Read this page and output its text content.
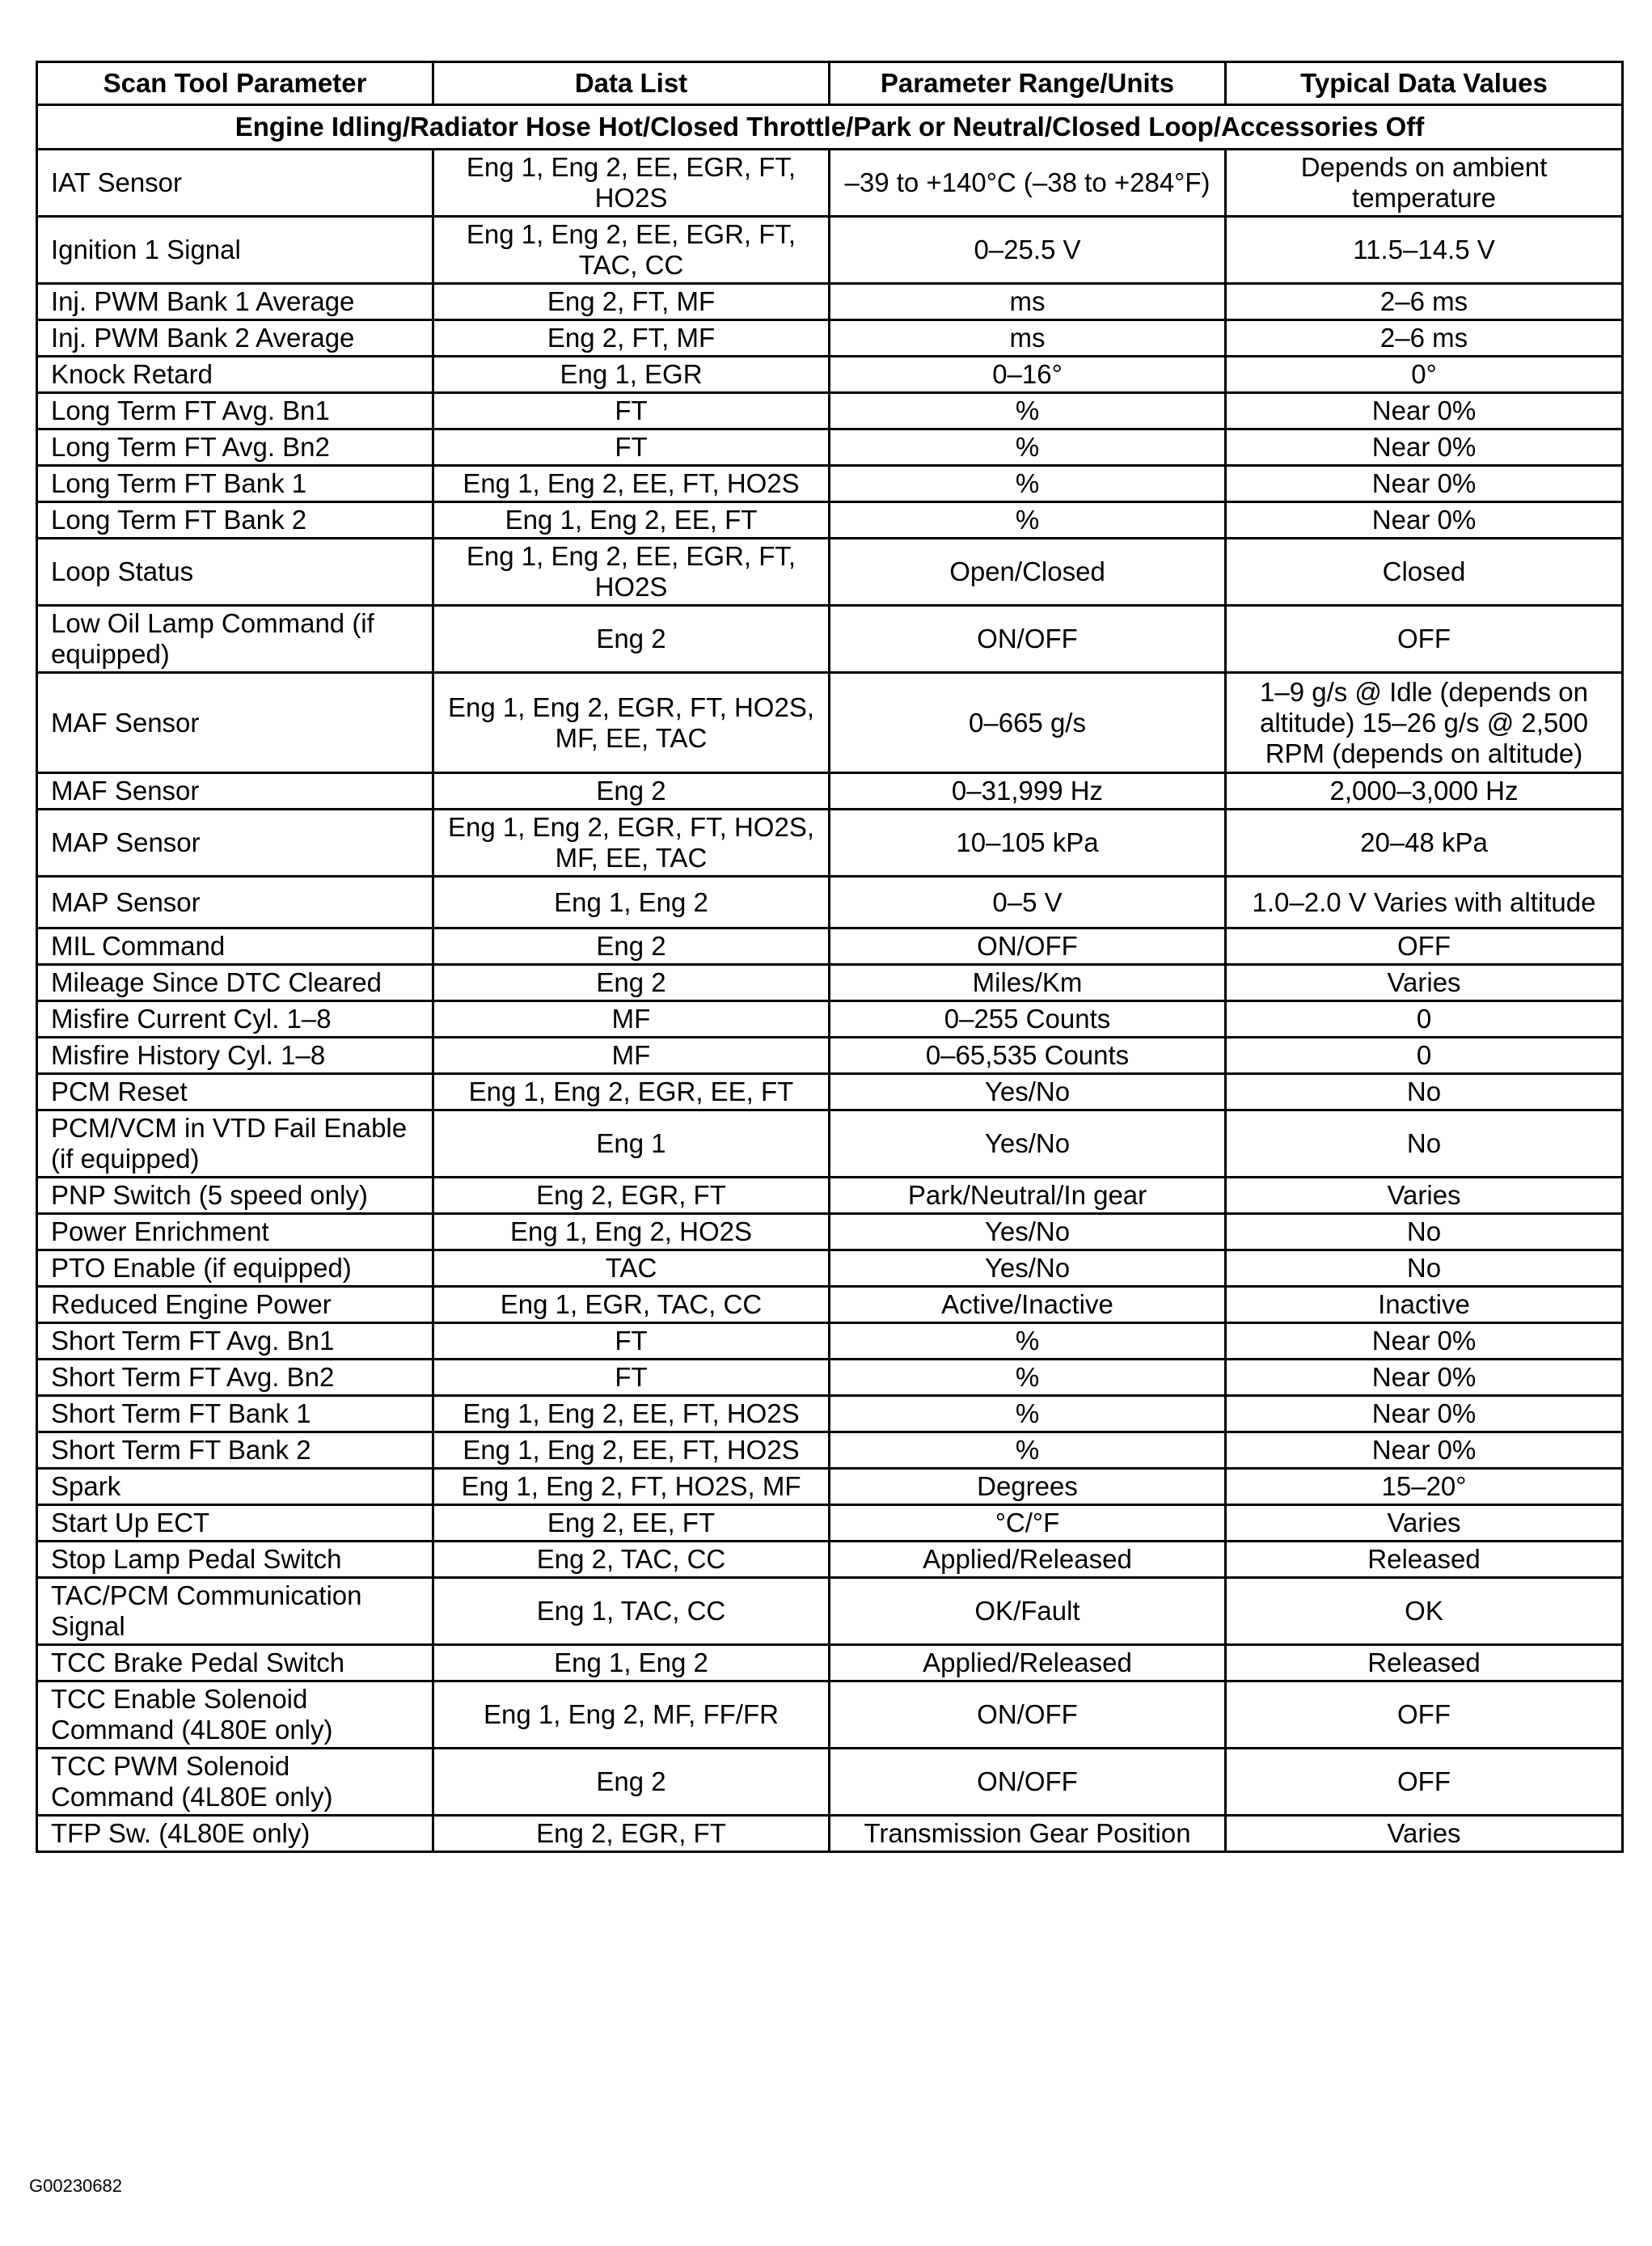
Scan Tool Parameter	Data List	Parameter Range/Units	Typical Data Values
Engine Idling/Radiator Hose Hot/Closed Throttle/Park or Neutral/Closed Loop/Accessories Off			
IAT Sensor	Eng 1, Eng 2, EE, EGR, FT, HO2S	–39 to +140°C (–38 to +284°F)	Depends on ambient temperature
Ignition 1 Signal	Eng 1, Eng 2, EE, EGR, FT, TAC, CC	0–25.5 V	11.5–14.5 V
Inj. PWM Bank 1 Average	Eng 2, FT, MF	ms	2–6 ms
Inj. PWM Bank 2 Average	Eng 2, FT, MF	ms	2–6 ms
Knock Retard	Eng 1, EGR	0–16°	0°
Long Term FT Avg. Bn1	FT	%	Near 0%
Long Term FT Avg. Bn2	FT	%	Near 0%
Long Term FT Bank 1	Eng 1, Eng 2, EE, FT, HO2S	%	Near 0%
Long Term FT Bank 2	Eng 1, Eng 2, EE, FT	%	Near 0%
Loop Status	Eng 1, Eng 2, EE, EGR, FT, HO2S	Open/Closed	Closed
Low Oil Lamp Command (if equipped)	Eng 2	ON/OFF	OFF
MAF Sensor	Eng 1, Eng 2, EGR, FT, HO2S, MF, EE, TAC	0–665 g/s	1–9 g/s @ Idle (depends on altitude) 15–26 g/s @ 2,500 RPM (depends on altitude)
MAF Sensor	Eng 2	0–31,999 Hz	2,000–3,000 Hz
MAP Sensor	Eng 1, Eng 2, EGR, FT, HO2S, MF, EE, TAC	10–105 kPa	20–48 kPa
MAP Sensor	Eng 1, Eng 2	0–5 V	1.0–2.0 V Varies with altitude
MIL Command	Eng 2	ON/OFF	OFF
Mileage Since DTC Cleared	Eng 2	Miles/Km	Varies
Misfire Current Cyl. 1–8	MF	0–255 Counts	0
Misfire History Cyl. 1–8	MF	0–65,535 Counts	0
PCM Reset	Eng 1, Eng 2, EGR, EE, FT	Yes/No	No
PCM/VCM in VTD Fail Enable (if equipped)	Eng 1	Yes/No	No
PNP Switch (5 speed only)	Eng 2, EGR, FT	Park/Neutral/In gear	Varies
Power Enrichment	Eng 1, Eng 2, HO2S	Yes/No	No
PTO Enable (if equipped)	TAC	Yes/No	No
Reduced Engine Power	Eng 1, EGR, TAC, CC	Active/Inactive	Inactive
Short Term FT Avg. Bn1	FT	%	Near 0%
Short Term FT Avg. Bn2	FT	%	Near 0%
Short Term FT Bank 1	Eng 1, Eng 2, EE, FT, HO2S	%	Near 0%
Short Term FT Bank 2	Eng 1, Eng 2, EE, FT, HO2S	%	Near 0%
Spark	Eng 1, Eng 2, FT, HO2S, MF	Degrees	15–20°
Start Up ECT	Eng 2, EE, FT	°C/°F	Varies
Stop Lamp Pedal Switch	Eng 2, TAC, CC	Applied/Released	Released
TAC/PCM Communication Signal	Eng 1, TAC, CC	OK/Fault	OK
TCC Brake Pedal Switch	Eng 1, Eng 2	Applied/Released	Released
TCC Enable Solenoid Command (4L80E only)	Eng 1, Eng 2, MF, FF/FR	ON/OFF	OFF
TCC PWM Solenoid Command (4L80E only)	Eng 2	ON/OFF	OFF
TFP Sw. (4L80E only)	Eng 2, EGR, FT	Transmission Gear Position	Varies
G00230682
